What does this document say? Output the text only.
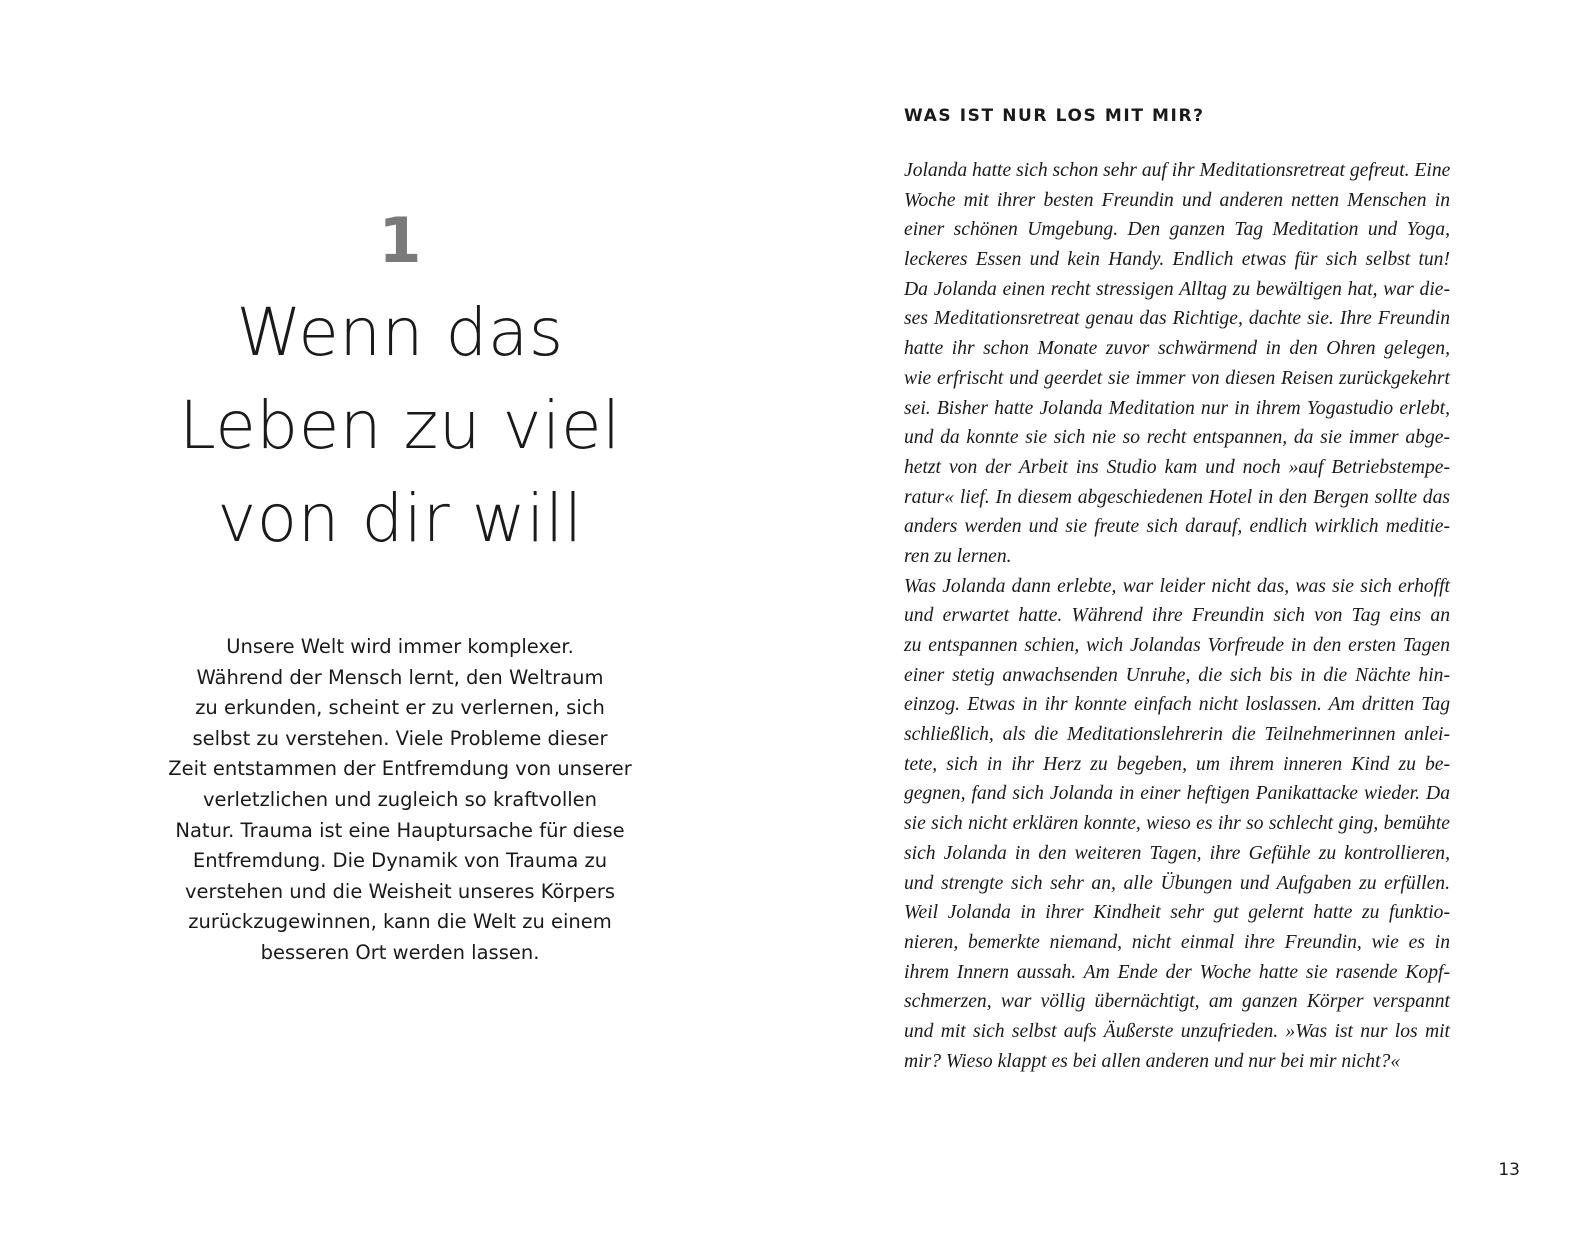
1
Wenn das
Leben zu viel
von dir will
Unsere Welt wird immer komplexer.
Während der Mensch lernt, den Weltraum
zu erkunden, scheint er zu verlernen, sich
selbst zu verstehen. Viele Probleme dieser
Zeit entstammen der Entfremdung von unserer
verletzlichen und zugleich so kraftvollen
Natur. Trauma ist eine Hauptursache für diese
Entfremdung. Die Dynamik von Trauma zu
verstehen und die Weisheit unseres Körpers
zurückzugewinnen, kann die Welt zu einem
besseren Ort werden lassen.
WAS IST NUR LOS MIT MIR?
Jolanda hatte sich schon sehr auf ihr Meditationsretreat gefreut. Eine
Woche mit ihrer besten Freundin und anderen netten Menschen in
einer schönen Umgebung. Den ganzen Tag Meditation und Yoga,
leckeres Essen und kein Handy. Endlich etwas für sich selbst tun!
Da Jolanda einen recht stressigen Alltag zu bewältigen hat, war die-
ses Meditationsretreat genau das Richtige, dachte sie. Ihre Freundin
hatte ihr schon Monate zuvor schwärmend in den Ohren gelegen,
wie erfrischt und geerdet sie immer von diesen Reisen zurückgekehrt
sei. Bisher hatte Jolanda Meditation nur in ihrem Yogastudio erlebt,
und da konnte sie sich nie so recht entspannen, da sie immer abge-
hetzt von der Arbeit ins Studio kam und noch »auf Betriebstempe-
ratur« lief. In diesem abgeschiedenen Hotel in den Bergen sollte das
anders werden und sie freute sich darauf, endlich wirklich meditie-
ren zu lernen.
Was Jolanda dann erlebte, war leider nicht das, was sie sich erhofft
und erwartet hatte. Während ihre Freundin sich von Tag eins an
zu entspannen schien, wich Jolandas Vorfreude in den ersten Tagen
einer stetig anwachsenden Unruhe, die sich bis in die Nächte hin-
einzog. Etwas in ihr konnte einfach nicht loslassen. Am dritten Tag
schließlich, als die Meditationslehrerin die Teilnehmerinnen anlei-
tete, sich in ihr Herz zu begeben, um ihrem inneren Kind zu be-
gegnen, fand sich Jolanda in einer heftigen Panikattacke wieder. Da
sie sich nicht erklären konnte, wieso es ihr so schlecht ging, bemühte
sich Jolanda in den weiteren Tagen, ihre Gefühle zu kontrollieren,
und strengte sich sehr an, alle Übungen und Aufgaben zu erfüllen.
Weil Jolanda in ihrer Kindheit sehr gut gelernt hatte zu funktio-
nieren, bemerkte niemand, nicht einmal ihre Freundin, wie es in
ihrem Innern aussah. Am Ende der Woche hatte sie rasende Kopf-
schmerzen, war völlig übernächtigt, am ganzen Körper verspannt
und mit sich selbst aufs Äußerste unzufrieden. »Was ist nur los mit
mir? Wieso klappt es bei allen anderen und nur bei mir nicht?«
13
